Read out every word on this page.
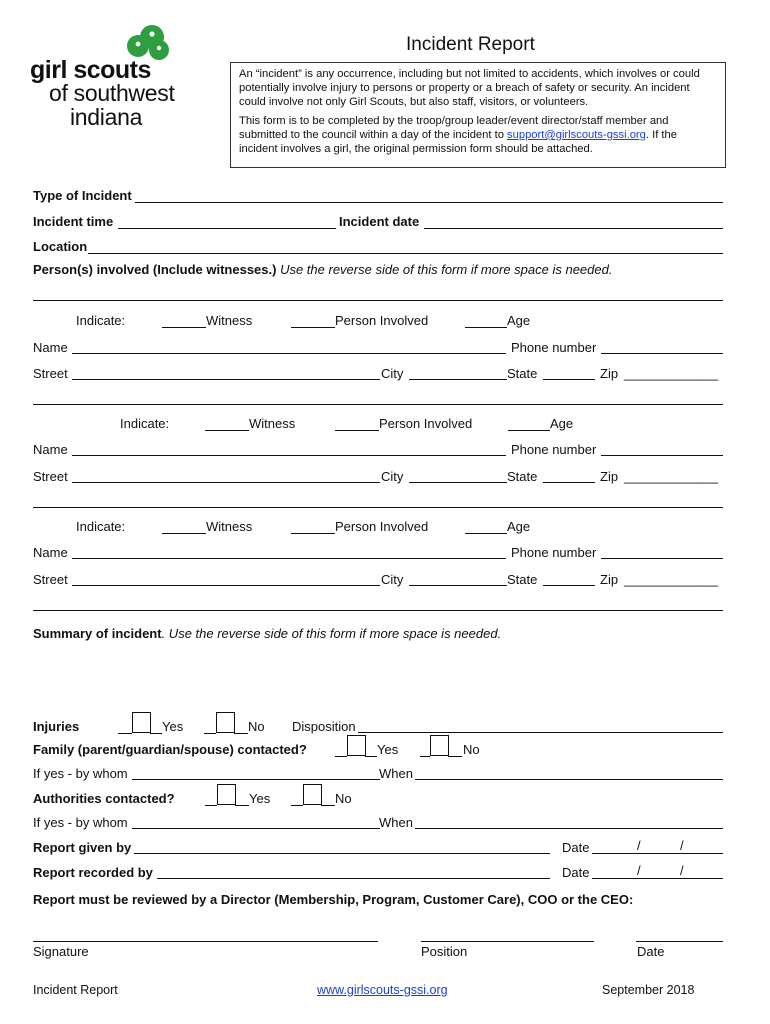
girl scouts
of southwest
indiana
Incident Report

An “incident” is any occurrence, including but not limited to accidents, which involves or could potentially involve injury to persons or property or a breach of safety or security. An incident could involve not only Girl Scouts, but also staff, visitors, or volunteers.

This form is to be completed by the troop/group leader/event director/staff member and submitted to the council within a day of the incident to support@girlscouts-gssi.org. If the incident involves a girl, the original permission form should be attached.

Type of Incident
Incident time	Incident date
Location
Person(s) involved (Include witnesses.) Use the reverse side of this form if more space is needed.
Indicate:	Witness	Person Involved	Age
Name	Phone number
Street	City	State	Zip _____________
Indicate:	Witness	Person Involved	Age
Name	Phone number
Street	City	State	Zip _____________
Indicate:	Witness	Person Involved	Age
Name	Phone number
Street	City	State	Zip _____________
Summary of incident. Use the reverse side of this form if more space is needed.
Injuries	Yes	No Disposition
Family (parent/guardian/spouse) contacted?	Yes	No
If yes - by whom	When
Authorities contacted?	Yes	No
If yes - by whom	When
Report given by	Date	/	/
Report recorded by	Date	/	/
Report must be reviewed by a Director (Membership, Program, Customer Care), COO or the CEO:
Signature	Position	Date
Incident Report	www.girlscouts-gssi.org	September 2018
